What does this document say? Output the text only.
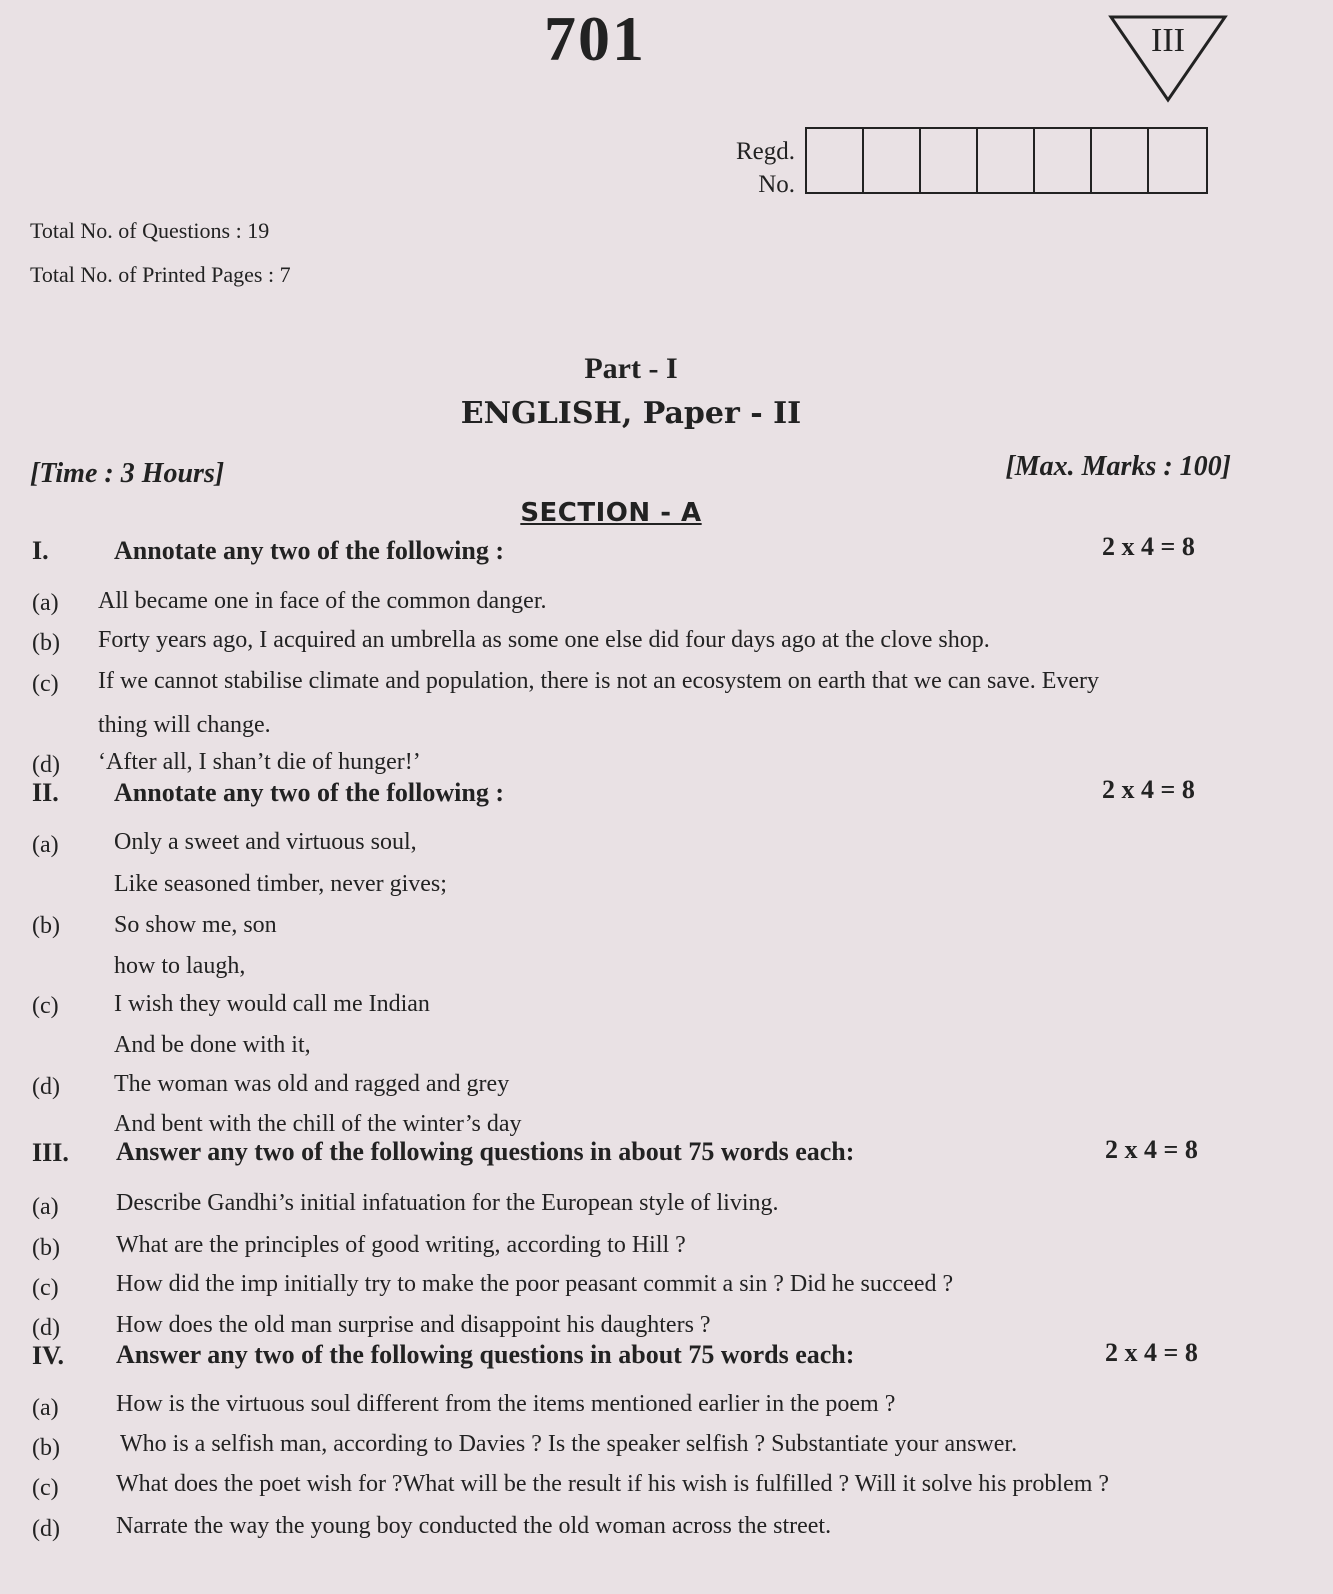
701	III
Regd.
No.
Total No. of Questions : 19
Total No. of Printed Pages : 7
Part - I
ENGLISH, Paper - II
[Time : 3 Hours]	[Max. Marks : 100]
SECTION - A
I.	Annotate any two of the following :	2 x 4 = 8
(a) All became one in face of the common danger.
(b) Forty years ago, I acquired an umbrella as some one else did four days ago at the clove shop.
(c) If we cannot stabilise climate and population, there is not an ecosystem on earth that we can save. Every
thing will change.
(d) ‘After all, I shan’t die of hunger!’
II. Annotate any two of the following :	2 x 4 = 8
(a) Only a sweet and virtuous soul,
Like seasoned timber, never gives;
(b) So show me, son
how to laugh,
(c) I wish they would call me Indian
And be done with it,
(d) The woman was old and ragged and grey
And bent with the chill of the winter’s day
III. Answer any two of the following questions in about 75 words each:	2 x 4 = 8
(a) Describe Gandhi’s initial infatuation for the European style of living.
(b) What are the principles of good writing, according to Hill ?
(c) How did the imp initially try to make the poor peasant commit a sin ? Did he succeed ?
(d) How does the old man surprise and disappoint his daughters ?
IV. Answer any two of the following questions in about 75 words each:	2 x 4 = 8
(a) How is the virtuous soul different from the items mentioned earlier in the poem ?
(b)	Who is a selfish man, according to Davies ? Is the speaker selfish ? Substantiate your answer.
(c) What does the poet wish for ?What will be the result if his wish is fulfilled ? Will it solve his problem ?
(d) Narrate the way the young boy conducted the old woman across the street.
